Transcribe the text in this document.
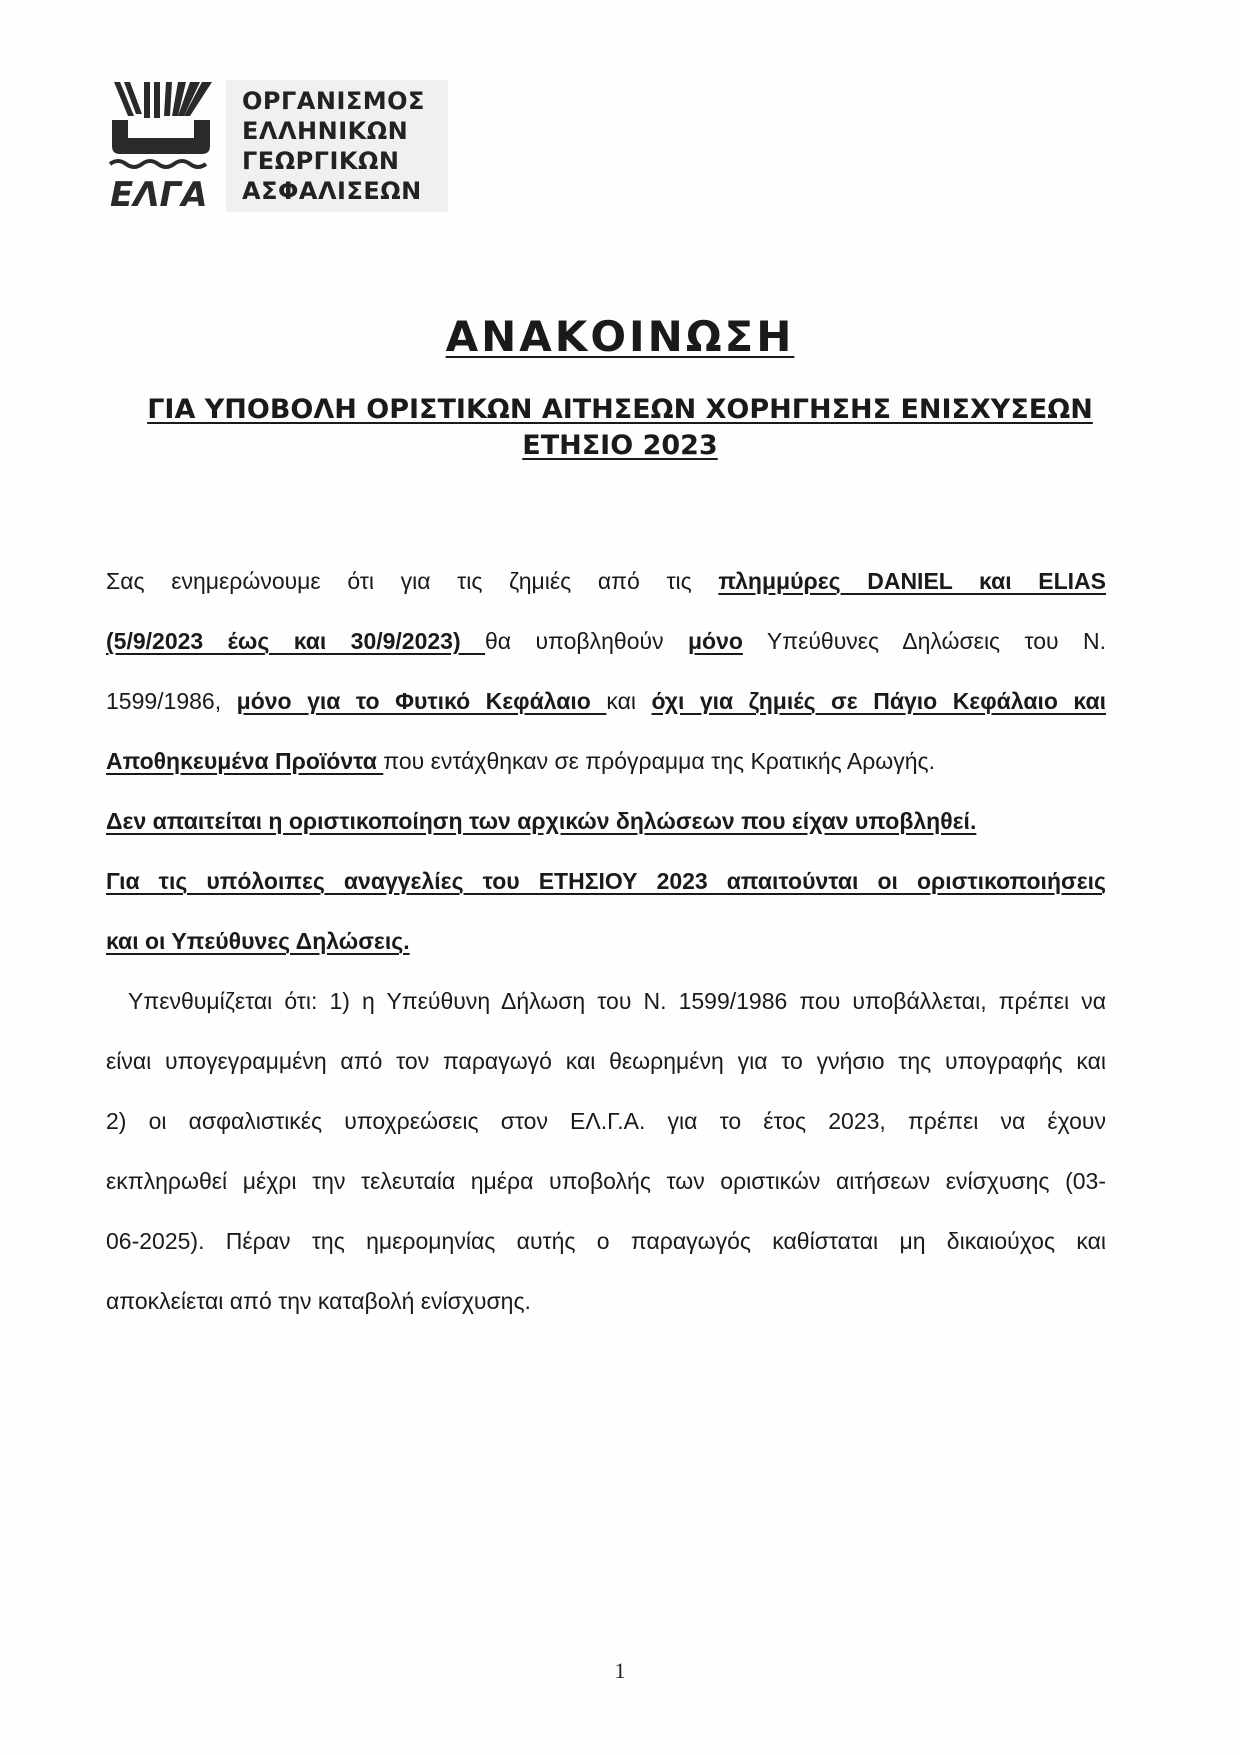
ΕΛΓΑ
ΟΡΓΑΝΙΣΜΟΣ
ΕΛΛΗΝΙΚΩΝ
ΓΕΩΡΓΙΚΩΝ
ΑΣΦΑΛΙΣΕΩΝ
ΑΝΑΚΟΙΝΩΣΗ
ΓΙΑ ΥΠΟΒΟΛΗ ΟΡΙΣΤΙΚΩΝ ΑΙΤΗΣΕΩΝ ΧΟΡΗΓΗΣΗΣ ΕΝΙΣΧΥΣΕΩΝ
ΕΤΗΣΙΟ 2023
Σας ενημερώνουμε ότι για τις ζημιές από τις πλημμύρες DANIEL και ELIAS
(5/9/2023 έως και 30/9/2023) θα υποβληθούν μόνο Υπεύθυνες Δηλώσεις του Ν.
1599/1986, μόνο για το Φυτικό Κεφάλαιο και όχι για ζημιές σε Πάγιο Κεφάλαιο και
Αποθηκευμένα Προϊόντα που εντάχθηκαν σε πρόγραμμα της Κρατικής Αρωγής.
Δεν απαιτείται η οριστικοποίηση των αρχικών δηλώσεων που είχαν υποβληθεί.
Για τις υπόλοιπες αναγγελίες του ΕΤΗΣΙΟΥ 2023 απαιτούνται οι οριστικοποιήσεις
και οι Υπεύθυνες Δηλώσεις.
Υπενθυμίζεται ότι: 1) η Υπεύθυνη Δήλωση του Ν. 1599/1986 που υποβάλλεται, πρέπει να
είναι υπογεγραμμένη από τον παραγωγό και θεωρημένη για το γνήσιο της υπογραφής και
2) οι ασφαλιστικές υποχρεώσεις στον ΕΛ.Γ.Α. για το έτος 2023, πρέπει να έχουν
εκπληρωθεί μέχρι την τελευταία ημέρα υποβολής των οριστικών αιτήσεων ενίσχυσης (03-
06-2025). Πέραν της ημερομηνίας αυτής ο παραγωγός καθίσταται μη δικαιούχος και
αποκλείεται από την καταβολή ενίσχυσης.
1
